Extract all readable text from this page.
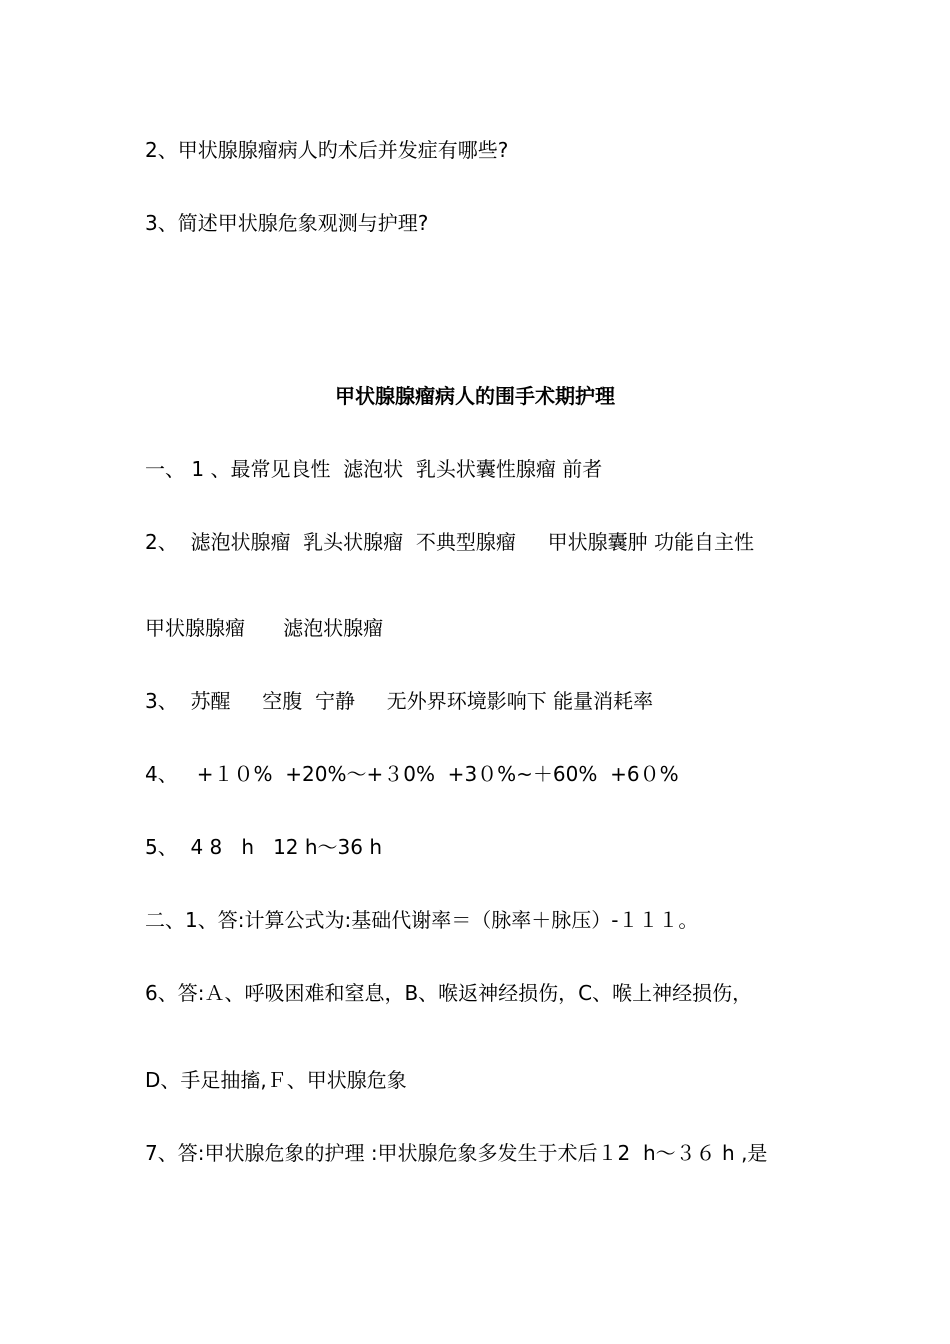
2、甲状腺腺瘤病人旳术后并发症有哪些?
3、简述甲状腺危象观测与护理?
甲状腺腺瘤病人的围手术期护理
一、 1 、最常见良性  滤泡状  乳头状囊性腺瘤 前者
2、  滤泡状腺瘤  乳头状腺瘤  不典型腺瘤     甲状腺囊肿 功能自主性
甲状腺腺瘤      滤泡状腺瘤
3、  苏醒     空腹  宁静     无外界环境影响下 能量消耗率
4、   +１０%  +20%～+３0%  +3０%~＋60%  +6０%
5、  4 8   h   12 h～36 h
二、1、答:计算公式为:基础代谢率＝（脉率＋脉压）-１１１。
6、答:Ａ、呼吸困难和窒息，B、喉返神经损伤，C、喉上神经损伤，
D、手足抽搐,Ｆ、甲状腺危象
7、答:甲状腺危象的护理 :甲状腺危象多发生于术后１2  h～３６ h ,是
